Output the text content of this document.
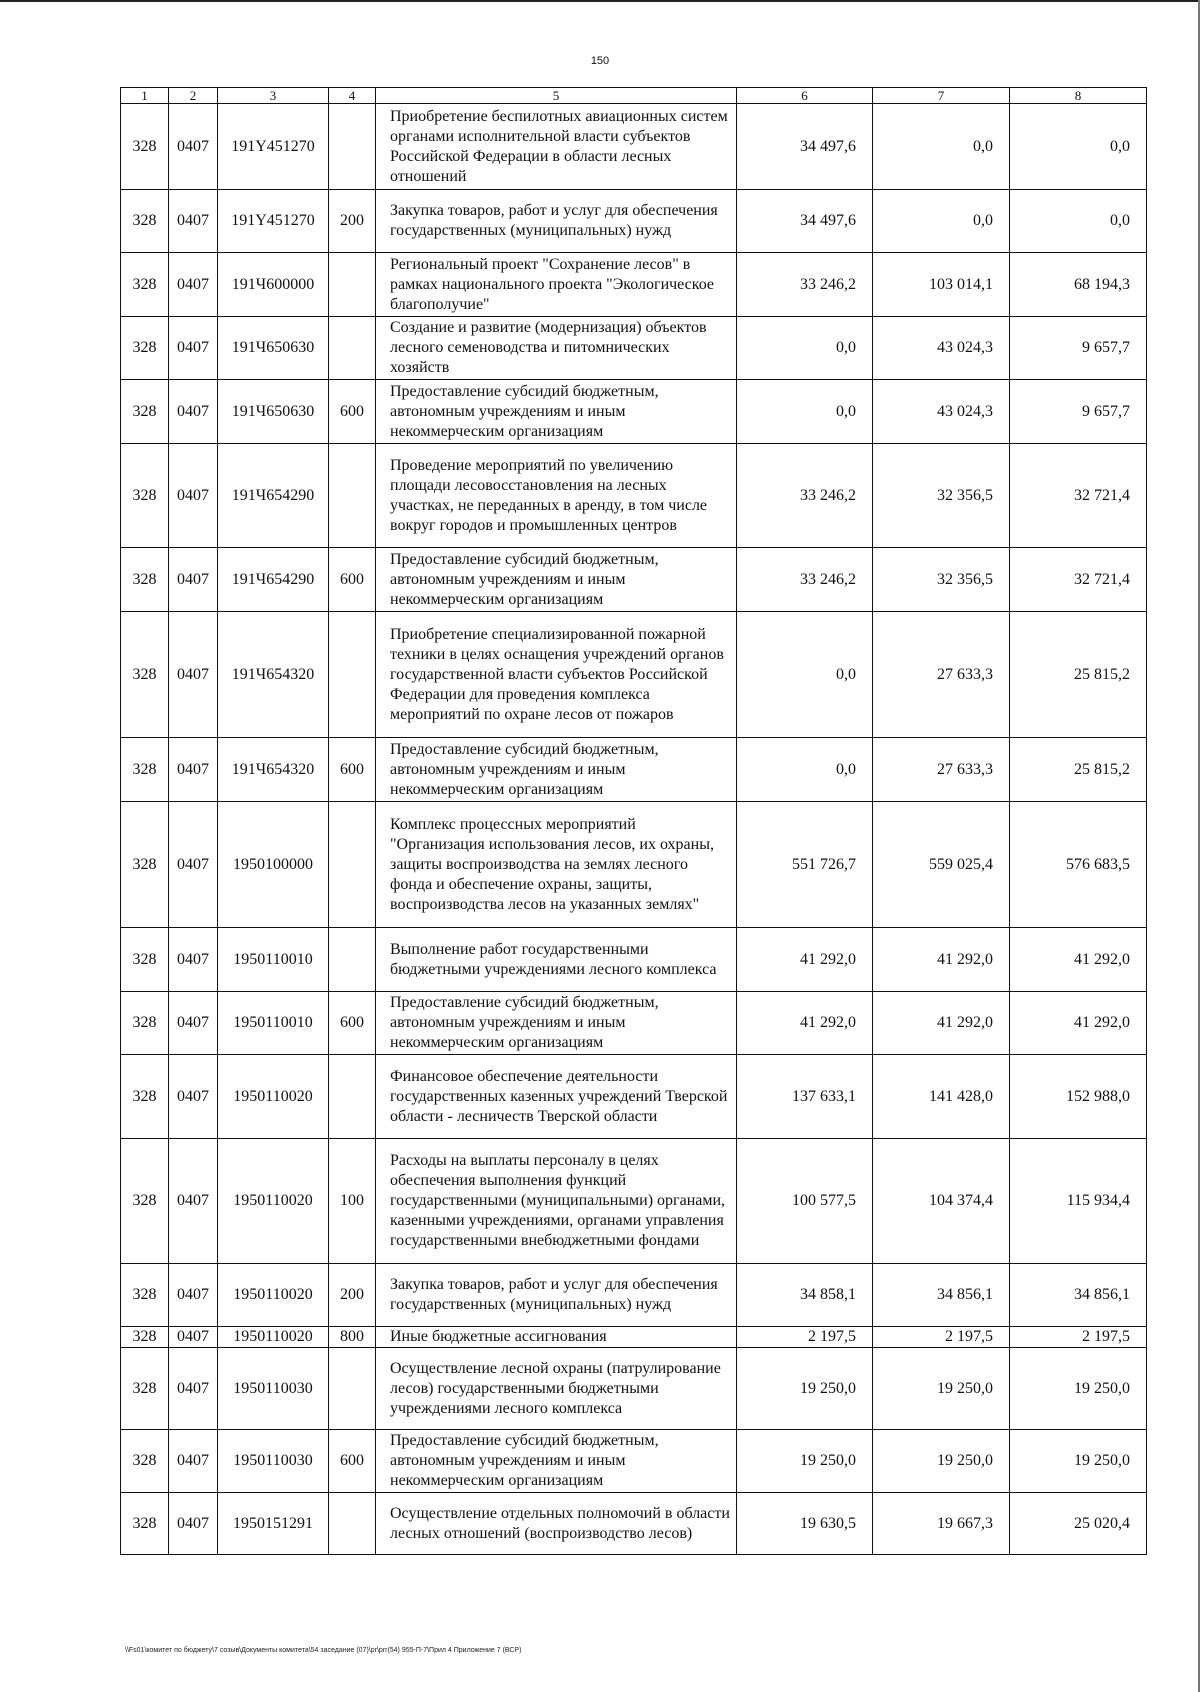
150
1	2	3	4	5	6	7	8
328	0407	191Y451270		Приобретение беспилотных авиационных систем органами исполнительной власти субъектов Российской Федерации в области лесных отношений	34 497,6	0,0	0,0
328	0407	191Y451270	200	Закупка товаров, работ и услуг для обеспечения государственных (муниципальных) нужд	34 497,6	0,0	0,0
328	0407	191Ч600000		Региональный проект "Сохранение лесов" в рамках национального проекта "Экологическое благополучие"	33 246,2	103 014,1	68 194,3
328	0407	191Ч650630		Создание и развитие (модернизация) объектов лесного семеноводства и питомнических хозяйств	0,0	43 024,3	9 657,7
328	0407	191Ч650630	600	Предоставление субсидий бюджетным, автономным учреждениям и иным некоммерческим организациям	0,0	43 024,3	9 657,7
328	0407	191Ч654290		Проведение мероприятий по увеличению площади лесовосстановления на лесных участках, не переданных в аренду, в том числе вокруг городов и промышленных центров	33 246,2	32 356,5	32 721,4
328	0407	191Ч654290	600	Предоставление субсидий бюджетным, автономным учреждениям и иным некоммерческим организациям	33 246,2	32 356,5	32 721,4
328	0407	191Ч654320		Приобретение специализированной пожарной техники в целях оснащения учреждений органов государственной власти субъектов Российской Федерации для проведения комплекса мероприятий по охране лесов от пожаров	0,0	27 633,3	25 815,2
328	0407	191Ч654320	600	Предоставление субсидий бюджетным, автономным учреждениям и иным некоммерческим организациям	0,0	27 633,3	25 815,2
328	0407	1950100000		Комплекс процессных мероприятий "Организация использования лесов, их охраны, защиты воспроизводства на землях лесного фонда и обеспечение охраны, защиты, воспроизводства лесов на указанных землях"	551 726,7	559 025,4	576 683,5
328	0407	1950110010		Выполнение работ государственными бюджетными учреждениями лесного комплекса	41 292,0	41 292,0	41 292,0
328	0407	1950110010	600	Предоставление субсидий бюджетным, автономным учреждениям и иным некоммерческим организациям	41 292,0	41 292,0	41 292,0
328	0407	1950110020		Финансовое обеспечение деятельности государственных казенных учреждений Тверской области - лесничеств Тверской области	137 633,1	141 428,0	152 988,0
328	0407	1950110020	100	Расходы на выплаты персоналу в целях обеспечения выполнения функций государственными (муниципальными) органами, казенными учреждениями, органами управления государственными внебюджетными фондами	100 577,5	104 374,4	115 934,4
328	0407	1950110020	200	Закупка товаров, работ и услуг для обеспечения государственных (муниципальных) нужд	34 858,1	34 856,1	34 856,1
328	0407	1950110020	800	Иные бюджетные ассигнования	2 197,5	2 197,5	2 197,5
328	0407	1950110030		Осуществление лесной охраны (патрулирование лесов) государственными бюджетными учреждениями лесного комплекса	19 250,0	19 250,0	19 250,0
328	0407	1950110030	600	Предоставление субсидий бюджетным, автономным учреждениям и иным некоммерческим организациям	19 250,0	19 250,0	19 250,0
328	0407	1950151291		Осуществление отдельных полномочий в области лесных отношений (воспроизводство лесов)	19 630,5	19 667,3	25 020,4
\\Fs01\комитет по бюджету\7 созыв\Документы комитета\54 заседание (07)\pr\prr(54) 955-П-7\Прил 4 Приложение 7 (ВСР)
